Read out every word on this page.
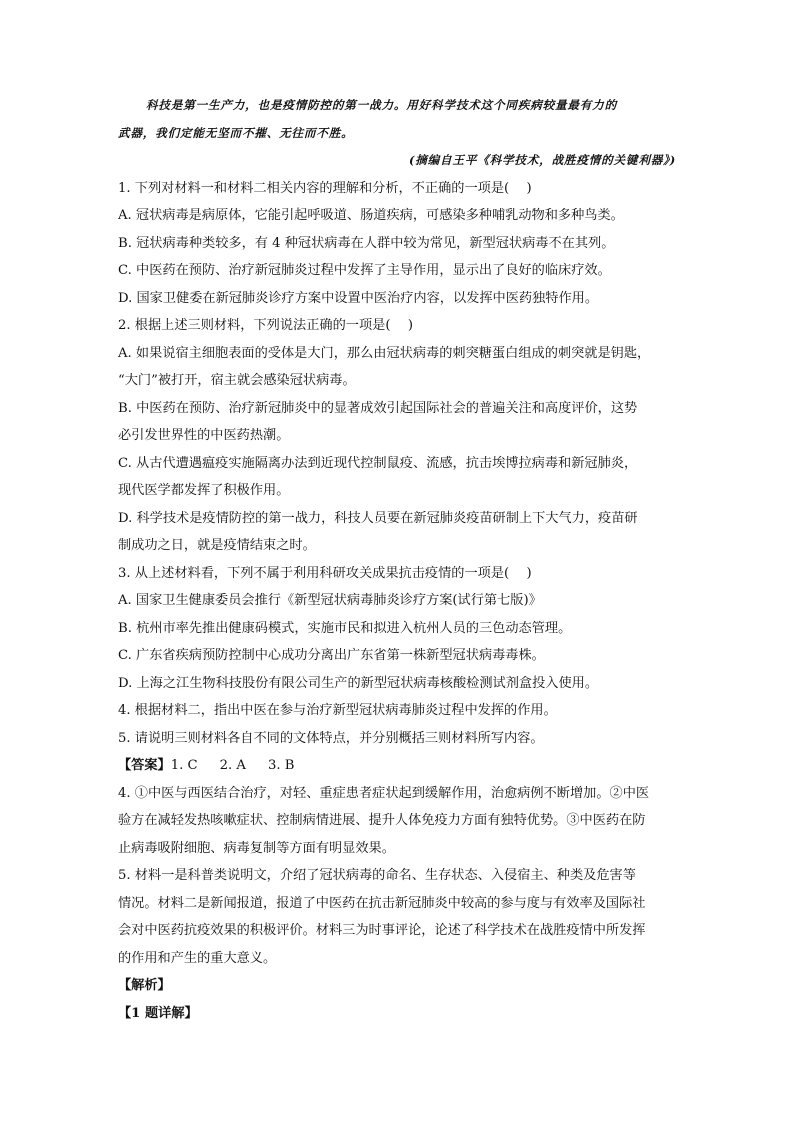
科技是第一生产力，也是疫情防控的第一战力。用好科学技术这个同疾病较量最有力的
武器，我们定能无坚而不摧、无往而不胜。
(摘编自王平《科学技术，战胜疫情的关键利器》)
1. 下列对材料一和材料二相关内容的理解和分析，不正确的一项是(　 )
A. 冠状病毒是病原体，它能引起呼吸道、肠道疾病，可感染多种哺乳动物和多种鸟类。
B. 冠状病毒种类较多，有 4 种冠状病毒在人群中较为常见，新型冠状病毒不在其列。
C. 中医药在预防、治疗新冠肺炎过程中发挥了主导作用，显示出了良好的临床疗效。
D. 国家卫健委在新冠肺炎诊疗方案中设置中医治疗内容，以发挥中医药独特作用。
2. 根据上述三则材料，下列说法正确的一项是(　 )
A. 如果说宿主细胞表面的受体是大门，那么由冠状病毒的刺突糖蛋白组成的刺突就是钥匙，
“大门”被打开，宿主就会感染冠状病毒。
B. 中医药在预防、治疗新冠肺炎中的显著成效引起国际社会的普遍关注和高度评价，这势
必引发世界性的中医药热潮。
C. 从古代遭遇瘟疫实施隔离办法到近现代控制鼠疫、流感，抗击埃博拉病毒和新冠肺炎，
现代医学都发挥了积极作用。
D. 科学技术是疫情防控的第一战力，科技人员要在新冠肺炎疫苗研制上下大气力，疫苗研
制成功之日，就是疫情结束之时。
3. 从上述材料看，下列不属于利用科研攻关成果抗击疫情的一项是(　 )
A. 国家卫生健康委员会推行《新型冠状病毒肺炎诊疗方案(试行第七版)》
B. 杭州市率先推出健康码模式，实施市民和拟进入杭州人员的三色动态管理。
C. 广东省疾病预防控制中心成功分离出广东省第一株新型冠状病毒毒株。
D. 上海之江生物科技股份有限公司生产的新型冠状病毒核酸检测试剂盒投入使用。
4. 根据材料二，指出中医在参与治疗新型冠状病毒肺炎过程中发挥的作用。
5. 请说明三则材料各自不同的文体特点，并分别概括三则材料所写内容。
【答案】1. C 2. A 3. B
4. ①中医与西医结合治疗，对轻、重症患者症状起到缓解作用，治愈病例不断增加。②中医
验方在减轻发热咳嗽症状、控制病情进展、提升人体免疫力方面有独特优势。③中医药在防
止病毒吸附细胞、病毒复制等方面有明显效果。
5. 材料一是科普类说明文，介绍了冠状病毒的命名、生存状态、入侵宿主、种类及危害等
情况。材料二是新闻报道，报道了中医药在抗击新冠肺炎中较高的参与度与有效率及国际社
会对中医药抗疫效果的积极评价。材料三为时事评论，论述了科学技术在战胜疫情中所发挥
的作用和产生的重大意义。
【解析】
【1 题详解】
